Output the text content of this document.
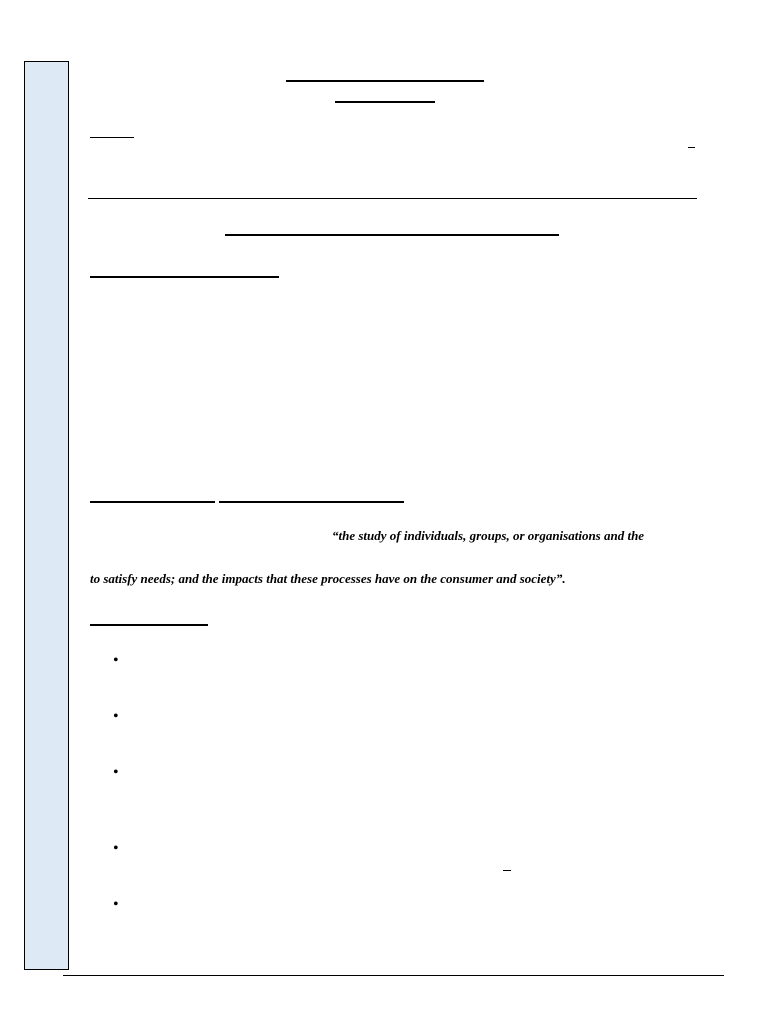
“the study of individuals, groups, or organisations and the
to satisfy needs; and the impacts that these processes have on the consumer and society”.
•
•
•
•
•
